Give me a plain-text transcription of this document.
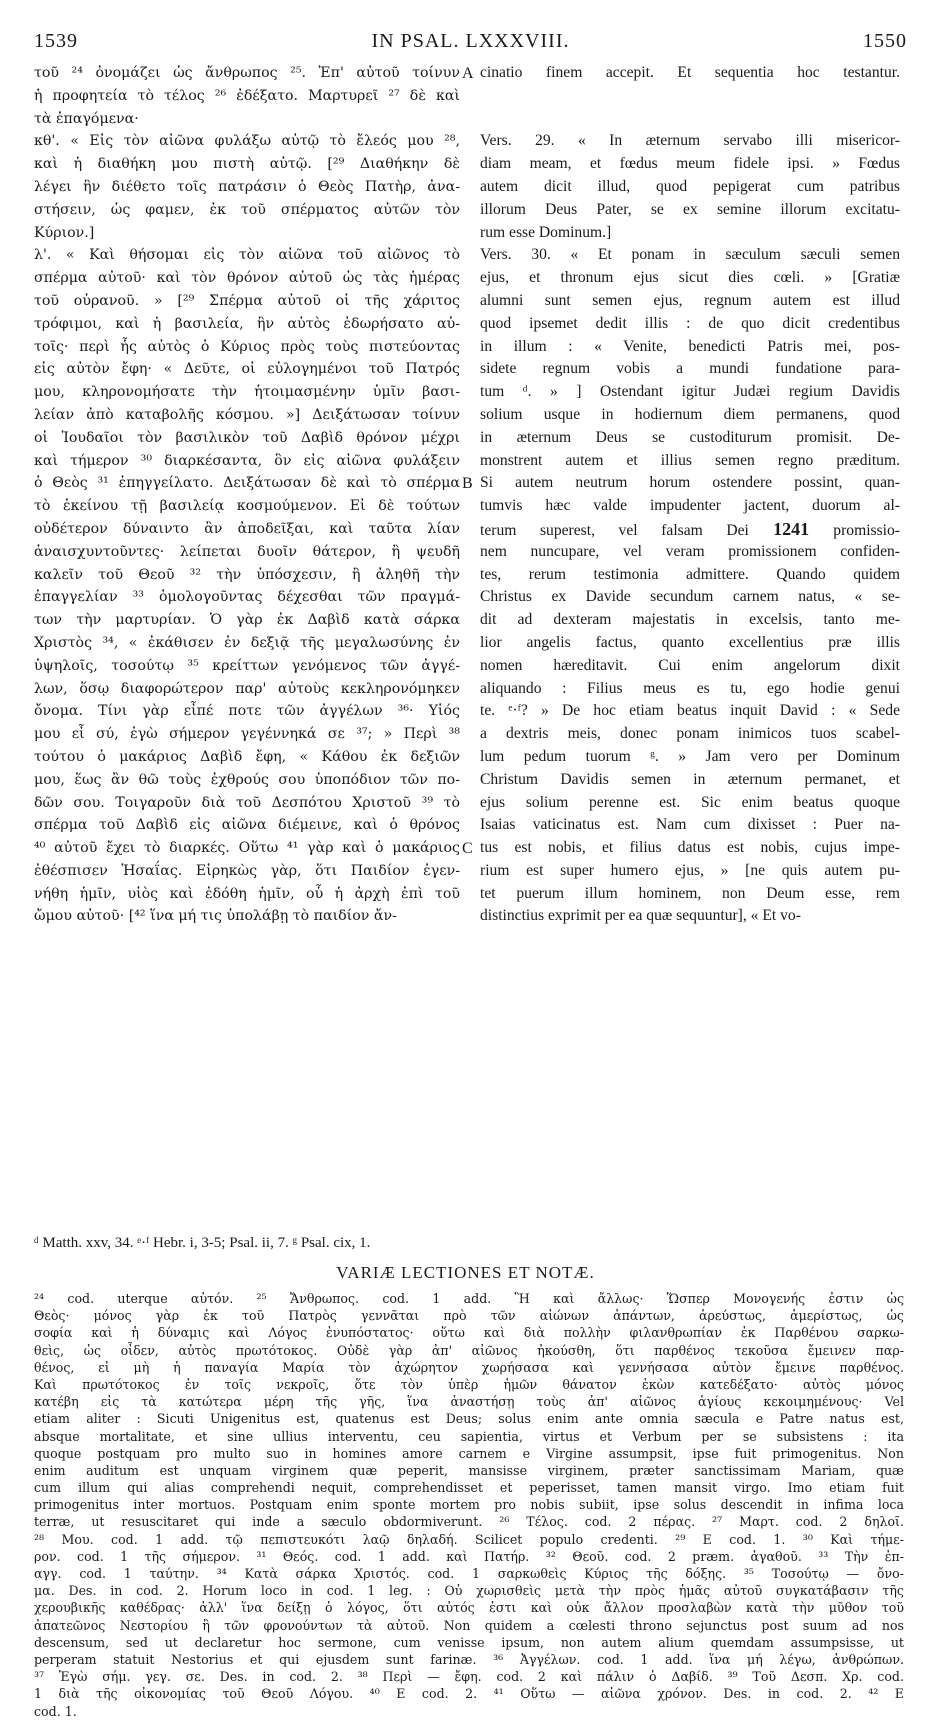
1539	IN PSAL. LXXXVIII.	1550
τοῦ ²⁴ ὀνομάζει ὡς ἄνθρωπος ²⁵. Ἐπ' αὐτοῦ τοίνυν
ἡ προφητεία τὸ τέλος ²⁶ ἐδέξατο. Μαρτυρεῖ ²⁷ δὲ καὶ
τὰ ἐπαγόμενα·
κθ'. « Εἰς τὸν αἰῶνα φυλάξω αὐτῷ τὸ ἔλεός μου ²⁸,
καὶ ἡ διαθήκη μου πιστὴ αὐτῷ. [²⁹ Διαθήκην δὲ
λέγει ἣν διέθετο τοῖς πατράσιν ὁ Θεὸς Πατὴρ, ἀνα-
στήσειν, ὡς φαμεν, ἐκ τοῦ σπέρματος αὐτῶν τὸν
Κύριον.]
λ'. « Καὶ θήσομαι εἰς τὸν αἰῶνα τοῦ αἰῶνος τὸ
σπέρμα αὐτοῦ· καὶ τὸν θρόνον αὐτοῦ ὡς τὰς ἡμέρας
τοῦ οὐρανοῦ. » [²⁹ Σπέρμα αὐτοῦ οἱ τῆς χάριτος
τρόφιμοι, καὶ ἡ βασιλεία, ἣν αὐτὸς ἐδωρήσατο αὐ-
τοῖς· περὶ ἧς αὐτὸς ὁ Κύριος πρὸς τοὺς πιστεύοντας
εἰς αὐτὸν ἔφη· « Δεῦτε, οἱ εὐλογημένοι τοῦ Πατρός
μου, κληρονομήσατε τὴν ἡτοιμασμένην ὑμῖν βασι-
λείαν ἀπὸ καταβολῆς κόσμου. »] Δειξάτωσαν τοίνυν
οἱ Ἰουδαῖοι τὸν βασιλικὸν τοῦ Δαβὶδ θρόνον μέχρι
καὶ τήμερον ³⁰ διαρκέσαντα, ὃν εἰς αἰῶνα φυλάξειν
ὁ Θεὸς ³¹ ἐπηγγείλατο. Δειξάτωσαν δὲ καὶ τὸ σπέρμα
τὸ ἐκείνου τῇ βασιλείᾳ κοσμούμενον. Εἰ δὲ τούτων
οὐδέτερον δύναιντο ἂν ἀποδεῖξαι, καὶ ταῦτα λίαν
ἀναισχυντοῦντες· λείπεται δυοῖν θάτερον, ἢ ψευδῆ
καλεῖν τοῦ Θεοῦ ³² τὴν ὑπόσχεσιν, ἢ ἀληθῆ τὴν
ἐπαγγελίαν ³³ ὁμολογοῦντας δέχεσθαι τῶν πραγμά-
των τὴν μαρτυρίαν. Ὁ γὰρ ἐκ Δαβὶδ κατὰ σάρκα
Χριστὸς ³⁴, « ἐκάθισεν ἐν δεξιᾷ τῆς μεγαλωσύνης ἐν
ὑψηλοῖς, τοσούτῳ ³⁵ κρείττων γενόμενος τῶν ἀγγέ-
λων, ὅσῳ διαφορώτερον παρ' αὐτοὺς κεκληρονόμηκεν
ὄνομα. Τίνι γὰρ εἶπέ ποτε τῶν ἀγγέλων ³⁶· Υἱός
μου εἶ σύ, ἐγὼ σήμερον γεγέννηκά σε ³⁷; » Περὶ ³⁸
τούτου ὁ μακάριος Δαβὶδ ἔφη, « Κάθου ἐκ δεξιῶν
μου, ἕως ἂν θῶ τοὺς ἐχθρούς σου ὑποπόδιον τῶν πο-
δῶν σου. Τοιγαροῦν διὰ τοῦ Δεσπότου Χριστοῦ ³⁹ τὸ
σπέρμα τοῦ Δαβὶδ εἰς αἰῶνα διέμεινε, καὶ ὁ θρόνος
⁴⁰ αὐτοῦ ἔχει τὸ διαρκές. Οὕτω ⁴¹ γὰρ καὶ ὁ μακάριος
ἐθέσπισεν Ἡσαΐας. Εἰρηκὼς γὰρ, ὅτι Παιδίον ἐγεν-
νήθη ἡμῖν, υἱὸς καὶ ἐδόθη ἡμῖν, οὗ ἡ ἀρχὴ ἐπὶ τοῦ
ὤμου αὐτοῦ· [⁴² ἵνα μή τις ὑπολάβῃ τὸ παιδίον ἄν-
cinatio finem accepit. Et sequentia hoc testantur.
Vers. 29. « In æternum servabo illi misericor-
diam meam, et fœdus meum fidele ipsi. » Fœdus
autem dicit illud, quod pepigerat cum patribus
illorum Deus Pater, se ex semine illorum excitatu-
rum esse Dominum.]
Vers. 30. « Et ponam in sæculum sæculi semen
ejus, et thronum ejus sicut dies cœli. » [Gratiæ
alumni sunt semen ejus, regnum autem est illud
quod ipsemet dedit illis : de quo dicit credentibus
in illum : « Venite, benedicti Patris mei, pos-
sidete regnum vobis a mundi fundatione para-
tum ᵈ. » ] Ostendant igitur Judæi regium Davidis
solium usque in hodiernum diem permanens, quod
in æternum Deus se custoditurum promisit. De-
monstrent autem et illius semen regno præditum.
Si autem neutrum horum ostendere possint, quan-
tumvis hæc valde impudenter jactent, duorum al-
terum superest, vel falsam Dei 1241 promissio-
nem nuncupare, vel veram promissionem confiden-
tes, rerum testimonia admittere. Quando quidem
Christus ex Davide secundum carnem natus, « se-
dit ad dexteram majestatis in excelsis, tanto me-
lior angelis factus, quanto excellentius præ illis
nomen hæreditavit. Cui enim angelorum dixit
aliquando : Filius meus es tu, ego hodie genui
te. ᵉ·ᶠ? » De hoc etiam beatus inquit David : « Sede
a dextris meis, donec ponam inimicos tuos scabel-
lum pedum tuorum ᵍ. » Jam vero per Dominum
Christum Davidis semen in æternum permanet, et
ejus solium perenne est. Sic enim beatus quoque
Isaias vaticinatus est. Nam cum dixisset : Puer na-
tus est nobis, et filius datus est nobis, cujus impe-
rium est super humero ejus, » [ne quis autem pu-
tet puerum illum hominem, non Deum esse, rem
distinctius exprimit per ea quæ sequuntur], « Et vo-
A
B
C
ᵈ Matth. xxv, 34. ᵉ·ᶠ Hebr. i, 3-5; Psal. ii, 7. ᵍ Psal. cix, 1.
VARIÆ LECTIONES ET NOTÆ.
²⁴ cod. uterque αὐτόν. ²⁵ Ἄνθρωπος. cod. 1 add. Ἢ καὶ ἄλλως· Ὥσπερ Μονογενής ἐστιν ὡς
Θεὸς· μόνος γὰρ ἐκ τοῦ Πατρὸς γεννᾶται πρὸ τῶν αἰώνων ἀπάντων, ἀρεύστως, ἀμερίστως, ὡς
σοφία καὶ ἡ δύναμις καὶ Λόγος ἐνυπόστατος· οὕτω καὶ διὰ πολλὴν φιλανθρωπίαν ἐκ Παρθένου σαρκω-
θεὶς, ὡς οἶδεν, αὐτὸς πρωτότοκος. Οὐδὲ γὰρ ἀπ' αἰῶνος ἠκούσθη, ὅτι παρθένος τεκοῦσα ἔμεινεν παρ-
θένος, εἰ μὴ ἡ παναγία Μαρία τὸν ἀχώρητον χωρήσασα καὶ γεννήσασα αὐτὸν ἔμεινε παρθένος.
Καὶ πρωτότοκος ἐν τοῖς νεκροῖς, ὅτε τὸν ὑπὲρ ἡμῶν θάνατον ἑκὼν κατεδέξατο· αὐτὸς μόνος
κατέβη εἰς τὰ κατώτερα μέρη τῆς γῆς, ἵνα ἀναστήσῃ τοὺς ἀπ' αἰῶνος ἁγίους κεκοιμημένους· Vel
etiam aliter : Sicuti Unigenitus est, quatenus est Deus; solus enim ante omnia sæcula e Patre natus est,
absque mortalitate, et sine ullius interventu, ceu sapientia, virtus et Verbum per se subsistens : ita
quoque postquam pro multo suo in homines amore carnem e Virgine assumpsit, ipse fuit primogenitus. Non
enim auditum est unquam virginem quæ peperit, mansisse virginem, præter sanctissimam Mariam, quæ
cum illum qui alias comprehendi nequit, comprehendisset et peperisset, tamen mansit virgo. Imo etiam fuit
primogenitus inter mortuos. Postquam enim sponte mortem pro nobis subiit, ipse solus descendit in infima loca
terræ, ut resuscitaret qui inde a sæculo obdormiverunt. ²⁶ Τέλος. cod. 2 πέρας. ²⁷ Μαρτ. cod. 2 δηλοῖ.
²⁸ Μου. cod. 1 add. τῷ πεπιστευκότι λαῷ δηλαδή. Scilicet populo credenti. ²⁹ E cod. 1. ³⁰ Καὶ τήμε-
ρον. cod. 1 τῆς σήμερον. ³¹ Θεός. cod. 1 add. καὶ Πατήρ. ³² Θεοῦ. cod. 2 præm. ἀγαθοῦ. ³³ Τὴν ἐπ-
αγγ. cod. 1 ταύτην. ³⁴ Κατὰ σάρκα Χριστός. cod. 1 σαρκωθεὶς Κύριος τῆς δόξης. ³⁵ Τοσούτῳ — ὄνο-
μα. Des. in cod. 2. Horum loco in cod. 1 leg. : Οὐ χωρισθεὶς μετὰ τὴν πρὸς ἡμᾶς αὐτοῦ συγκατάβασιν τῆς
χερουβικῆς καθέδρας· ἀλλ' ἵνα δείξῃ ὁ λόγος, ὅτι αὐτός ἐστι καὶ οὐκ ἄλλον προσλαβὼν κατὰ τὴν μῦθον τοῦ
ἀπατεῶνος Νεστορίου ἢ τῶν φρονούντων τὰ αὐτοῦ. Non quidem a cœlesti throno sejunctus post suum ad nos
descensum, sed ut declaretur hoc sermone, cum venisse ipsum, non autem alium quemdam assumpsisse, ut
perperam statuit Nestorius et qui ejusdem sunt farinæ. ³⁶ Ἀγγέλων. cod. 1 add. ἵνα μή λέγω, ἀνθρώπων.
³⁷ Ἐγὼ σήμ. γεγ. σε. Des. in cod. 2. ³⁸ Περὶ — ἔφη. cod. 2 καὶ πάλιν ὁ Δαβίδ. ³⁹ Τοῦ Δεσπ. Χρ. cod.
1 διὰ τῆς οἰκονομίας τοῦ Θεοῦ Λόγου. ⁴⁰ E cod. 2. ⁴¹ Οὕτω — αἰῶνα χρόνον. Des. in cod. 2. ⁴² E
cod. 1.
